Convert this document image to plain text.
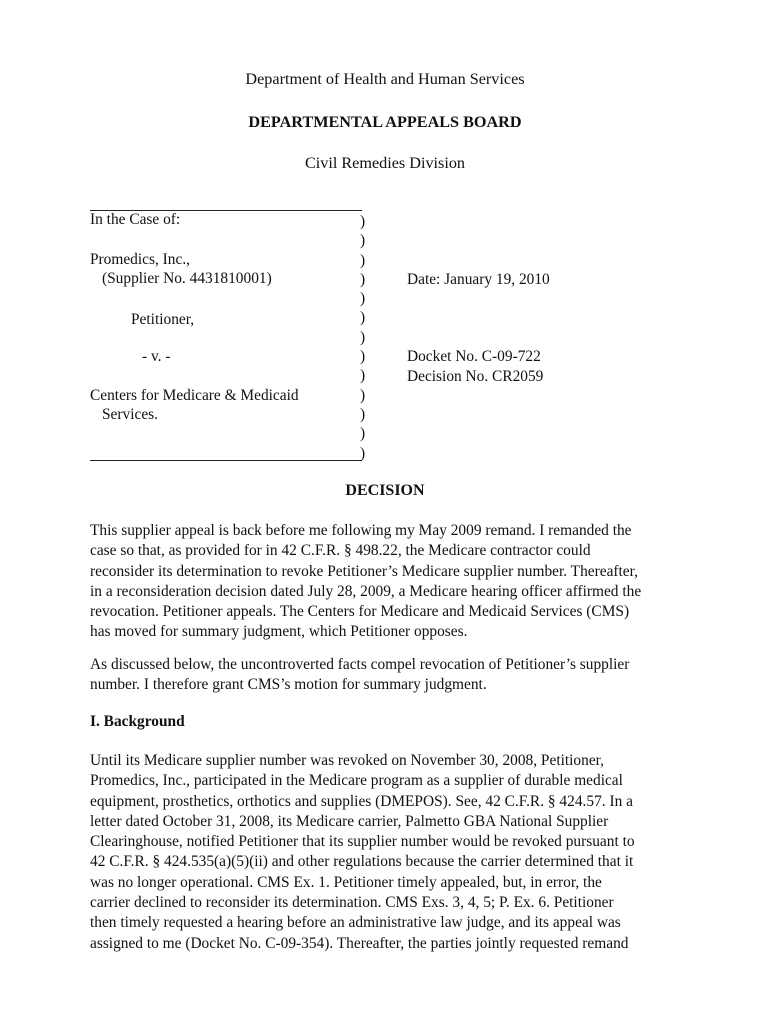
Department of Health and Human Services
DEPARTMENTAL APPEALS BOARD
Civil Remedies Division
In the Case of:
Promedics, Inc.,
(Supplier No. 4431810001)
Petitioner,
- v. -
Centers for Medicare & Medicaid
Services.
)
)
)
)
)
)
)
)
)
)
)
)
)
Date: January 19, 2010
Docket No. C-09-722
Decision No. CR2059
DECISION

This supplier appeal is back before me following my May 2009 remand. I remanded the
case so that, as provided for in 42 C.F.R. § 498.22, the Medicare contractor could
reconsider its determination to revoke Petitioner’s Medicare supplier number. Thereafter,
in a reconsideration decision dated July 28, 2009, a Medicare hearing officer affirmed the
revocation. Petitioner appeals. The Centers for Medicare and Medicaid Services (CMS)
has moved for summary judgment, which Petitioner opposes.

As discussed below, the uncontroverted facts compel revocation of Petitioner’s supplier
number. I therefore grant CMS’s motion for summary judgment.

I. Background

Until its Medicare supplier number was revoked on November 30, 2008, Petitioner,
Promedics, Inc., participated in the Medicare program as a supplier of durable medical
equipment, prosthetics, orthotics and supplies (DMEPOS). See, 42 C.F.R. § 424.57. In a
letter dated October 31, 2008, its Medicare carrier, Palmetto GBA National Supplier
Clearinghouse, notified Petitioner that its supplier number would be revoked pursuant to
42 C.F.R. § 424.535(a)(5)(ii) and other regulations because the carrier determined that it
was no longer operational. CMS Ex. 1. Petitioner timely appealed, but, in error, the
carrier declined to reconsider its determination. CMS Exs. 3, 4, 5; P. Ex. 6. Petitioner
then timely requested a hearing before an administrative law judge, and its appeal was
assigned to me (Docket No. C-09-354). Thereafter, the parties jointly requested remand
